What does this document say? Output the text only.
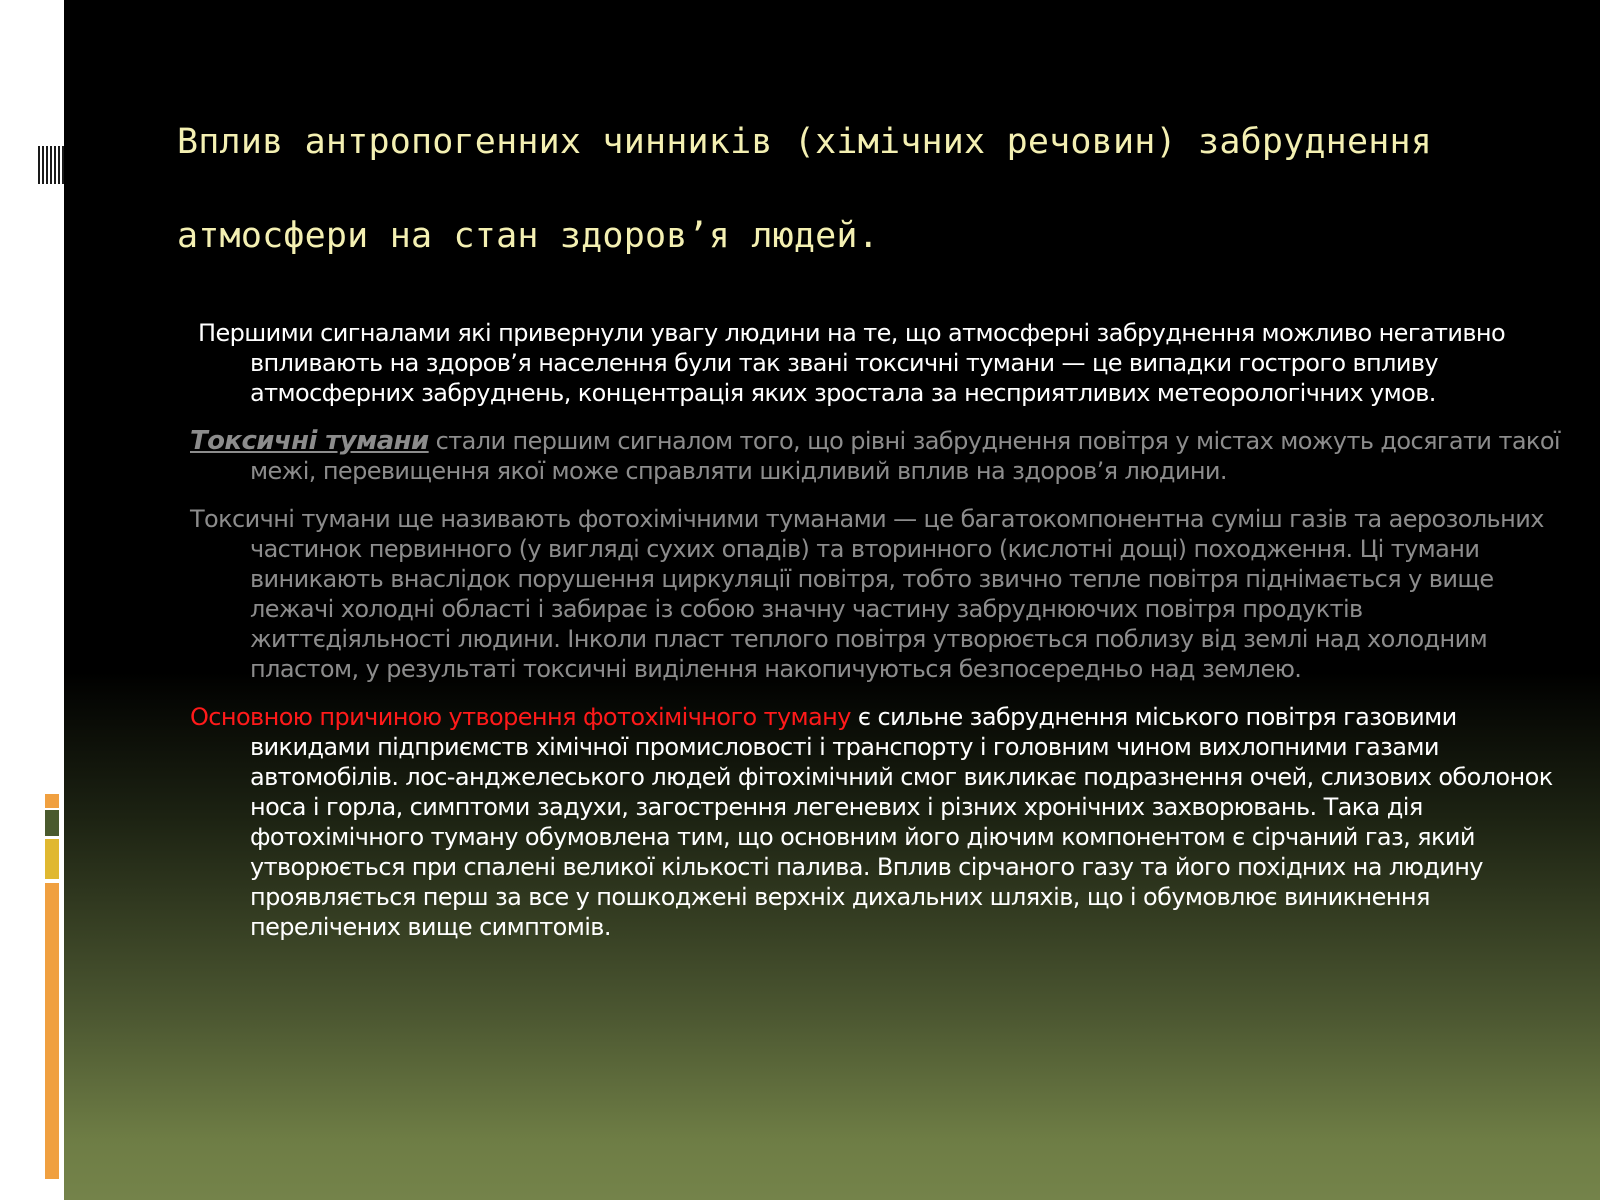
Вплив антропогенних чинників (хімічних речовин) забруднення
атмосфери на стан здоров’я людей.

Першими сигналами які привернули увагу людини на те, що атмосферні забруднення можливо негативно впливають на здоров’я населення були так звані токсичні тумани — це випадки гострого впливу атмосферних забруднень, концентрація яких зростала за несприятливих метеорологічних умов.

Токсичні тумани стали першим сигналом того, що рівні забруднення повітря у містах можуть досягати такої межі, перевищення якої може справляти шкідливий вплив на здоров’я людини.

Токсичні тумани ще називають фотохімічними туманами — це багатокомпонентна суміш газів та аерозольних частинок первинного (у вигляді сухих опадів) та вторинного (кислотні дощі) походження. Ці тумани виникають внаслідок порушення циркуляції повітря, тобто звично тепле повітря піднімається у вище лежачі холодні області і забирає із собою значну частину забруднюючих повітря продуктів життєдіяльності людини. Інколи пласт теплого повітря утворюється поблизу від землі над холодним пластом, у результаті токсичні виділення накопичуються безпосередньо над землею.

Основною причиною утворення фотохімічного туману є сильне забруднення міського повітря газовими викидами підприємств хімічної промисловості і транспорту і головним чином вихлопними газами автомобілів. лос-анджелеського людей фітохімічний смог викликає подразнення очей, слизових оболонок носа і горла, симптоми задухи, загострення легеневих і різних хронічних захворювань. Така дія фотохімічного туману обумовлена тим, що основним його діючим компонентом є сірчаний газ, який утворюється при спалені великої кількості палива. Вплив сірчаного газу та його похідних на людину проявляється перш за все у пошкоджені верхніх дихальних шляхів, що і обумовлює виникнення перелічених вище симптомів.
